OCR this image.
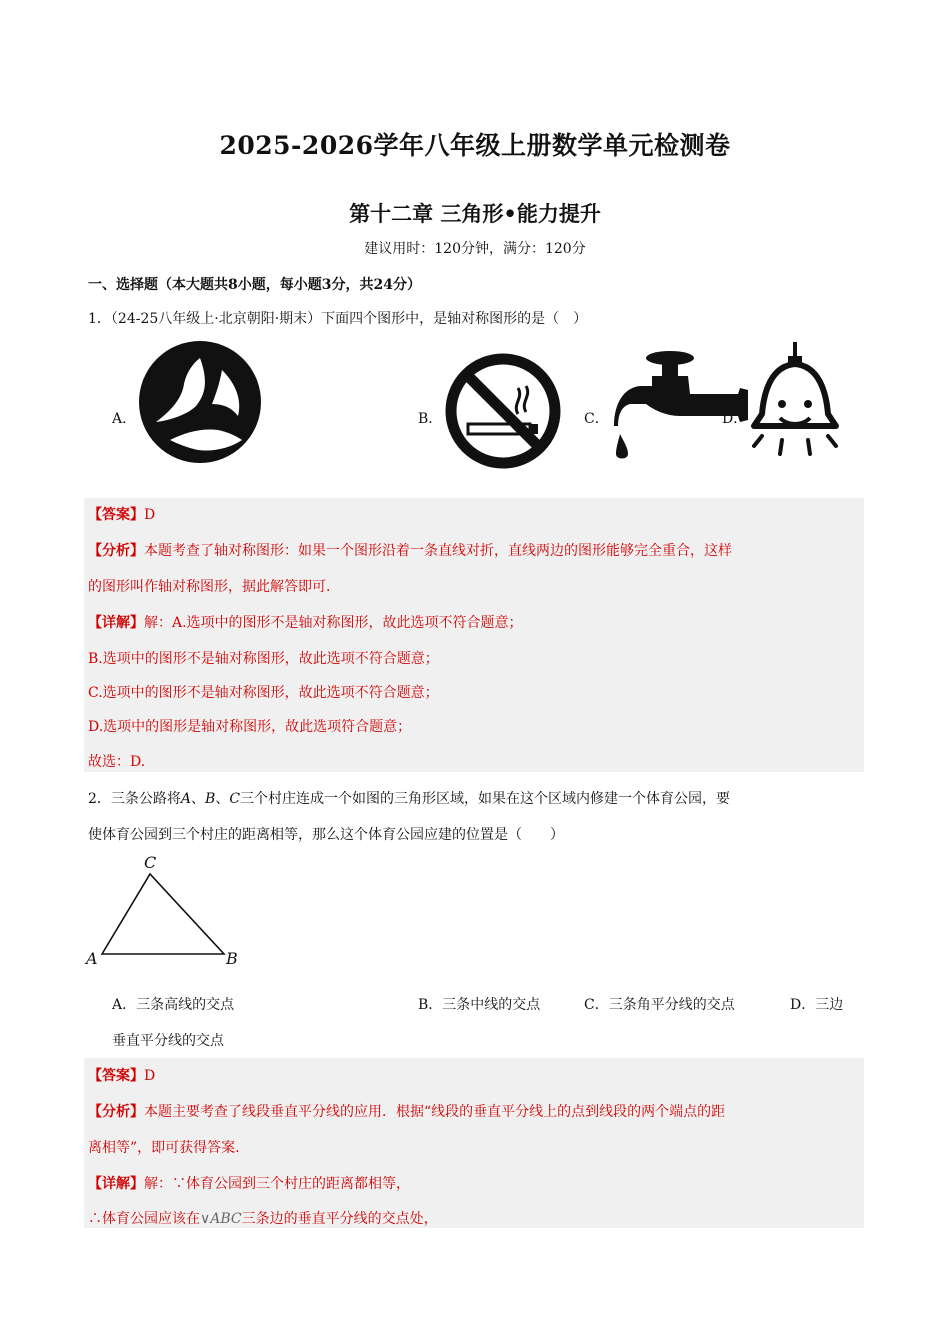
2025-2026学年八年级上册数学单元检测卷
第十二章 三角形•能力提升
建议用时：120分钟，满分：120分
一、选择题（本大题共8小题，每小题3分，共24分）
1．（24-25八年级上·北京朝阳·期末）下面四个图形中，是轴对称图形的是（　）
A．	B．	C．	D．
【答案】D
【分析】本题考查了轴对称图形：如果一个图形沿着一条直线对折，直线两边的图形能够完全重合，这样
的图形叫作轴对称图形，据此解答即可.
【详解】解：A.选项中的图形不是轴对称图形，故此选项不符合题意；
B.选项中的图形不是轴对称图形，故此选项不符合题意；
C.选项中的图形不是轴对称图形，故此选项不符合题意；
D.选项中的图形是轴对称图形，故此选项符合题意；
故选：D.
2．三条公路将A、B、C三个村庄连成一个如图的三角形区域，如果在这个区域内修建一个体育公园，要
使体育公园到三个村庄的距离相等，那么这个体育公园应建的位置是（　　）
A	B
C
A．三条高线的交点	B．三条中线的交点	C．三条角平分线的交点	D．三边
垂直平分线的交点
【答案】D
【分析】本题主要考查了线段垂直平分线的应用．根据“线段的垂直平分线上的点到线段的两个端点的距
离相等”，即可获得答案.
【详解】解：∵体育公园到三个村庄的距离都相等，
∴体育公园应该在∨ABC三条边的垂直平分线的交点处，
